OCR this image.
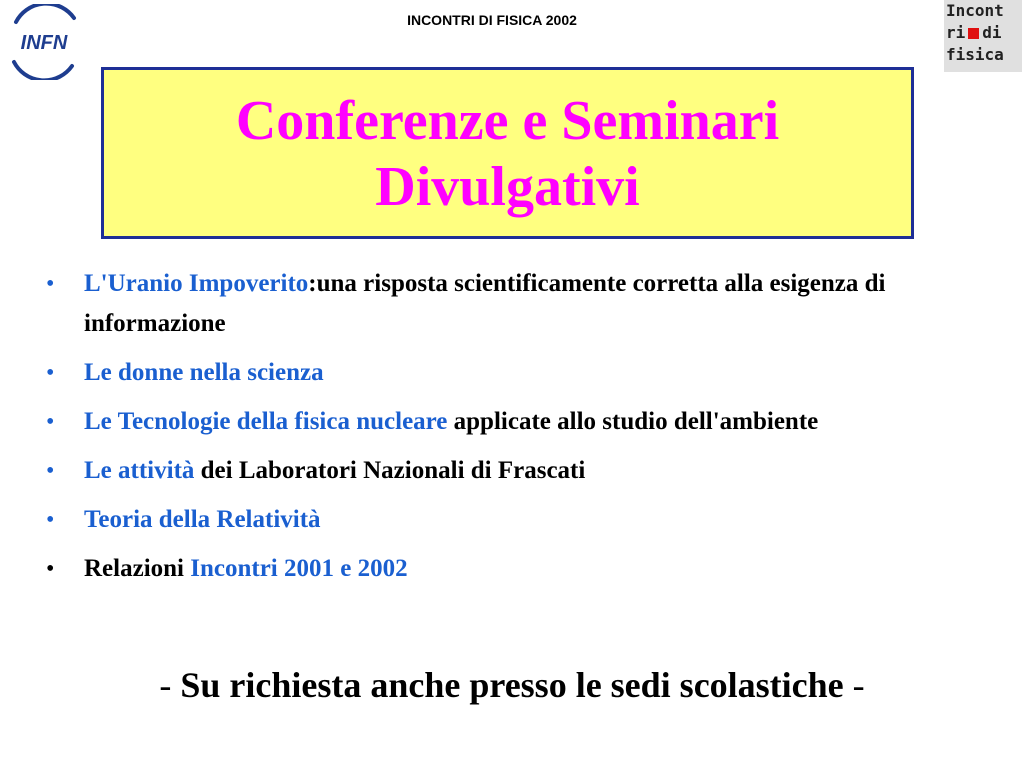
INFN
INCONTRI DI FISICA 2002	Incont
ri di
fisica

Conferenze e Seminari
Divulgativi

• L'Uranio Impoverito:una risposta scientificamente corretta alla esigenza di informazione
• Le donne nella scienza
• Le Tecnologie della fisica nucleare applicate allo studio dell'ambiente
• Le attività dei Laboratori Nazionali di Frascati
• Teoria della Relatività
• Relazioni Incontri 2001 e 2002
- Su richiesta anche presso le sedi scolastiche -
